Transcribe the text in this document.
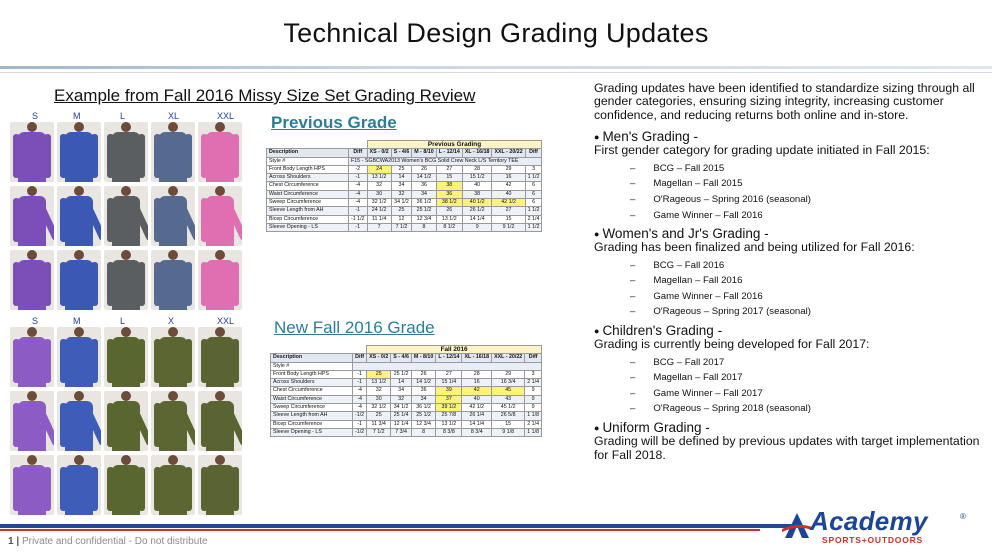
Technical Design Grading Updates
Example from Fall 2016 Missy Size Set Grading Review
S	M	L	XL	XXL
S	M	L	X	XXL
Previous Grade
		Previous Grading						
Description	Diff	XS - 0/2	S - 4/6	M - 8/10	L - 12/14	XL - 16/18	XXL - 20/22	Diff
Style #	F15 - SGBCWA2013 Women's BCG Solid Crew Neck L/S Territory TEE							
Front Body Length HPS	-2	24	25	26	27	28	29	3
Across Shoulders	-1	13 1/2	14	14 1/2	15	15 1/2	16	1 1/2
Chest Circumference	-4	32	34	36	38	40	42	6
Waist Circumference	-4	30	32	34	36	38	40	6
Sweep Circumference	-4	32 1/2	34 1/2	36 1/2	38 1/2	40 1/2	42 1/2	6
Sleeve Length from AH	-1	24 1/2	25	25 1/2	26	26 1/2	27	1 1/2
Bicep Circumference	-1 1/2	11 1/4	12	12 3/4	13 1/2	14 1/4	15	2 1/4
Sleeve Opening - LS	-1	7	7 1/2	8	8 1/2	9	9 1/2	1 1/2
New Fall 2016 Grade
		Fall 2016						
Description	Diff	XS - 0/2	S - 4/6	M - 8/10	L - 12/14	XL - 16/18	XXL - 20/22	Diff
Style #								
Front Body Length HPS	-1	25	25 1/2	26	27	28	29	3
Across Shoulders	-1	13 1/2	14	14 1/2	15 1/4	16	16 3/4	2 1/4
Chest Circumference	-4	32	34	36	39	42	45	9
Waist Circumference	-4	30	32	34	37	40	43	9
Sweep Circumference	-4	32 1/2	34 1/2	36 1/2	39 1/2	42 1/2	45 1/2	9
Sleeve Length from AH	-1/2	25	25 1/4	25 1/2	25 7/8	26 1/4	26 5/8	1 1/8
Bicep Circumference	-1	11 3/4	12 1/4	12 3/4	13 1/2	14 1/4	15	2 1/4
Sleeve Opening - LS	-1/2	7 1/2	7 3/4	8	8 3/8	8 3/4	9 1/8	1 1/8
Grading updates have been identified to standardize sizing through all gender categories, ensuring sizing integrity, increasing customer confidence, and reducing returns both online and in-store.
● Men's Grading -
First gender category for grading update initiated in Fall 2015:
– BCG – Fall 2015
– Magellan – Fall 2015
– O'Rageous – Spring 2016 (seasonal)
– Game Winner – Fall 2016
● Women's and Jr's Grading -
Grading has been finalized and being utilized for Fall 2016:
– BCG – Fall 2016
– Magellan – Fall 2016
– Game Winner – Fall 2016
– O'Rageous – Spring 2017 (seasonal)
● Children's Grading -
Grading is currently being developed for Fall 2017:
– BCG – Fall 2017
– Magellan – Fall 2017
– Game Winner – Fall 2017
– O'Rageous – Spring 2018 (seasonal)
● Uniform Grading -
Grading will be defined by previous updates with target implementation for Fall 2018.
1 | Private and confidential - Do not distribute
Academy	®
SPORTS+OUTDOORS
